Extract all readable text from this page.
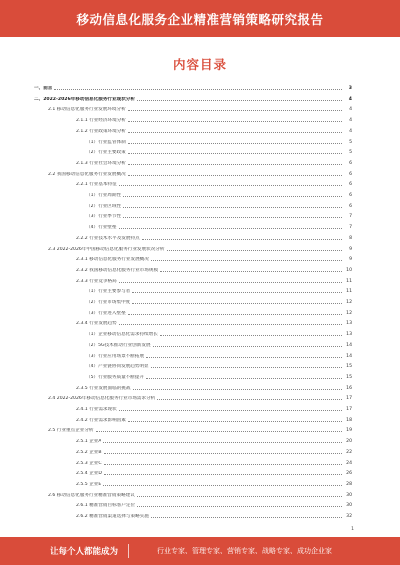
移动信息化服务企业精准营销策略研究报告
内容目录
一、前言	3
二、2022-2026年移动信息化服务行业现状分析	4
2.1 移动信息化服务行业发展环境分析	4
2.1.1 行业经济环境分析	4
2.1.2 行业政策环境分析	4
（1）行业监管体制	5
（2）行业主要政策	5
2.1.3 行业社会环境分析	6
2.2 我国移动信息化服务行业发展概况	6
2.2.1 行业基本特征	6
（1）行业周期性	6
（2）行业区域性	6
（3）行业季节性	7
（4）行业壁垒	7
2.2.2 行业技术水平及发展特点	8
2.3 2022-2026年中国移动信息化服务行业发展状况分析	9
2.3.1 移动信息化服务行业发展概况	9
2.3.2 我国移动信息化服务行业市场规模	10
2.3.3 行业竞争格局	11
（1）行业主要参与者	11
（2）行业市场集中度	12
（3）行业进入壁垒	12
2.3.4 行业发展趋势	13
（1）企业移动信息化需求持续增长	13
（2）5G技术推动行业创新发展	14
（3）行业应用场景不断拓展	14
（4）产业链协同发展趋势明显	15
（5）行业服务质量不断提升	15
2.3.5 行业发展面临的挑战	16
2.4 2022-2026年移动信息化服务行业市场需求分析	17
2.4.1 行业需求现状	17
2.4.2 行业需求影响因素	18
2.5 行业重点企业分析	19
2.5.1 企业A	20
2.5.2 企业B	22
2.5.3 企业C	24
2.5.4 企业D	26
2.5.5 企业E	28
2.6 移动信息化服务行业精准营销策略建议	30
2.6.1 精准营销目标客户定位	30
2.6.2 精准营销渠道选择与策略实施	32
1
让每个人都能成为	行业专家、管理专家、营销专家、战略专家、成功企业家
